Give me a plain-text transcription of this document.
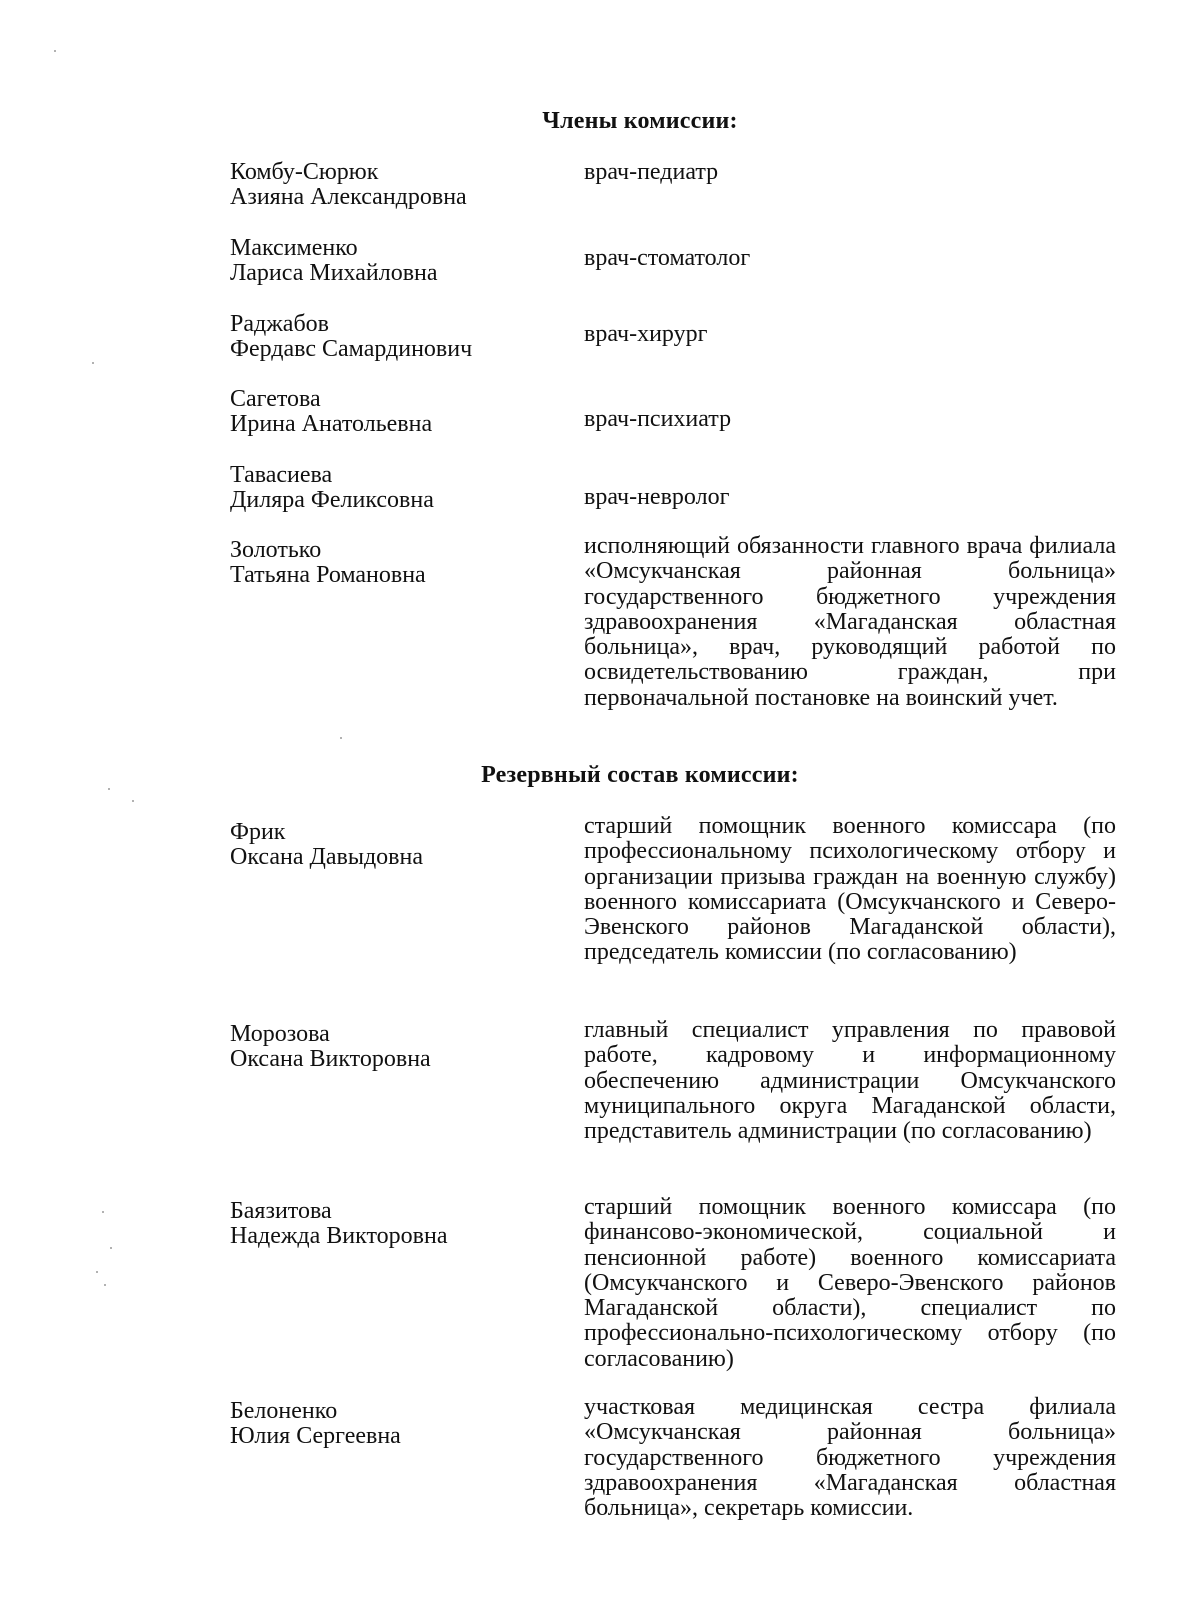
Члены комиссии:
Комбу-Сюрюк
Азияна Александровна
врач-педиатр
Максименко
Лариса Михайловна
врач-стоматолог
Раджабов
Фердавс Самардинович
врач-хирург
Сагетова
Ирина Анатольевна	врач-психиатр
Тавасиева
Диляра Феликсовна	врач-невролог
Золотько
Татьяна Романовна
исполняющий обязанности главного врача филиала «Омсукчанская районная больница» государственного бюджетного учреждения здравоохранения «Магаданская областная больница», врач, руководящий работой по освидетельствованию граждан, при первоначальной постановке на воинский учет.
Резервный состав комиссии:
Фрик
Оксана Давыдовна
старший помощник военного комиссара (по профессиональному психологическому отбору и организации призыва граждан на военную службу) военного комиссариата (Омсукчанского и Северо-Эвенского районов Магаданской области), председатель комиссии (по согласованию)
Морозова
Оксана Викторовна
главный специалист управления по правовой работе, кадровому и информационному обеспечению администрации Омсукчанского муниципального округа Магаданской области, представитель администрации (по согласованию)
Баязитова
Надежда Викторовна
старший помощник военного комиссара (по финансово-экономической, социальной и пенсионной работе) военного комиссариата (Омсукчанского и Северо-Эвенского районов Магаданской области), специалист по профессионально-психологическому отбору (по согласованию)
Белоненко
Юлия Сергеевна
участковая медицинская сестра филиала «Омсукчанская районная больница» государственного бюджетного учреждения здравоохранения «Магаданская областная больница», секретарь комиссии.
